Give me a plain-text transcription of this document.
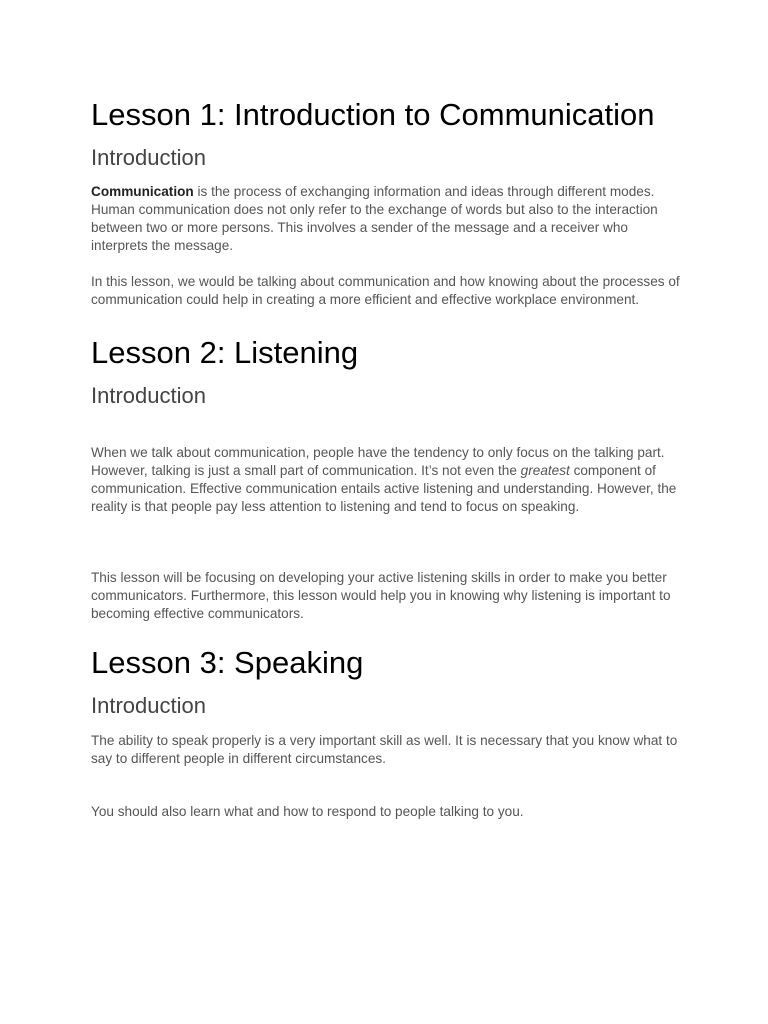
Lesson 1: Introduction to Communication
Introduction

Communication is the process of exchanging information and ideas through different modes. Human communication does not only refer to the exchange of words but also to the interaction between two or more persons. This involves a sender of the message and a receiver who interprets the message.

In this lesson, we would be talking about communication and how knowing about the processes of communication could help in creating a more efficient and effective workplace environment.

Lesson 2: Listening
Introduction

When we talk about communication, people have the tendency to only focus on the talking part. However, talking is just a small part of communication. It’s not even the greatest component of communication. Effective communication entails active listening and understanding. However, the reality is that people pay less attention to listening and tend to focus on speaking.

This lesson will be focusing on developing your active listening skills in order to make you better communicators. Furthermore, this lesson would help you in knowing why listening is important to becoming effective communicators.

Lesson 3: Speaking
Introduction

The ability to speak properly is a very important skill as well. It is necessary that you know what to say to different people in different circumstances.

You should also learn what and how to respond to people talking to you.
